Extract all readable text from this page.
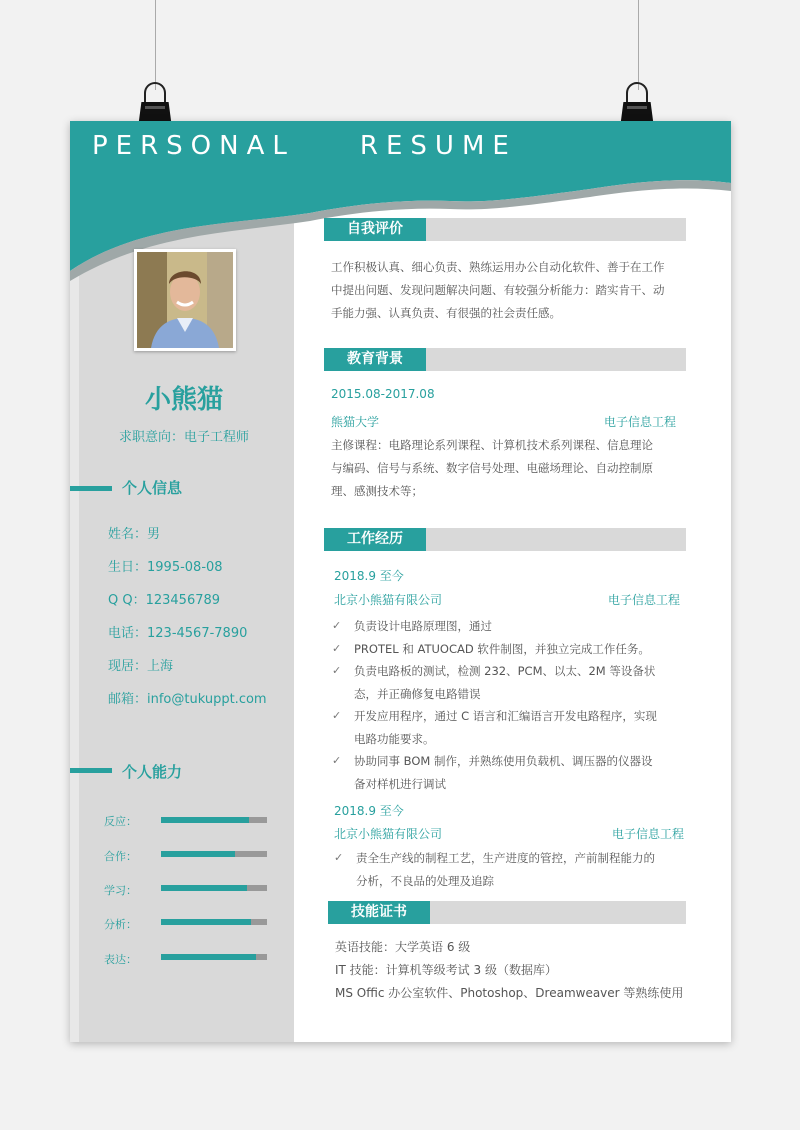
PERSONAL    RESUME
小熊猫
求职意向：电子工程师
个人信息
姓名：男
生日：1995-08-08
Q Q：123456789
电话：123-4567-7890
现居：上海
邮箱：info@tukuppt.com
个人能力
反应：
合作：
学习：
分析：
表达：
自我评价
工作积极认真、细心负责、熟练运用办公自动化软件、善于在工作
中提出问题、发现问题解决问题、有较强分析能力：踏实肯干、动
手能力强、认真负责、有很强的社会责任感。
教育背景
2015.08-2017.08
熊猫大学	电子信息工程
主修课程：电路理论系列课程、计算机技术系列课程、信息理论
与编码、信号与系统、数字信号处理、电磁场理论、自动控制原
理、感测技术等；
工作经历
2018.9 至今
北京小熊猫有限公司	电子信息工程
✓ 负责设计电路原理图，通过
✓ PROTEL 和 ATUOCAD 软件制图，并独立完成工作任务。
✓ 负责电路板的测试，检测 232、PCM、以太、2M 等设备状
态，并正确修复电路错误
✓ 开发应用程序，通过 C 语言和汇编语言开发电路程序，实现
电路功能要求。
✓ 协助同事 BOM 制作，并熟练使用负载机、调压器的仪器设
备对样机进行调试
2018.9 至今
北京小熊猫有限公司	电子信息工程
✓ 责全生产线的制程工艺，生产进度的管控，产前制程能力的
分析，不良品的处理及追踪
技能证书
英语技能：大学英语 6 级
IT 技能：计算机等级考试 3 级（数据库）
MS Offic 办公室软件、Photoshop、Dreamweaver 等熟练使用
